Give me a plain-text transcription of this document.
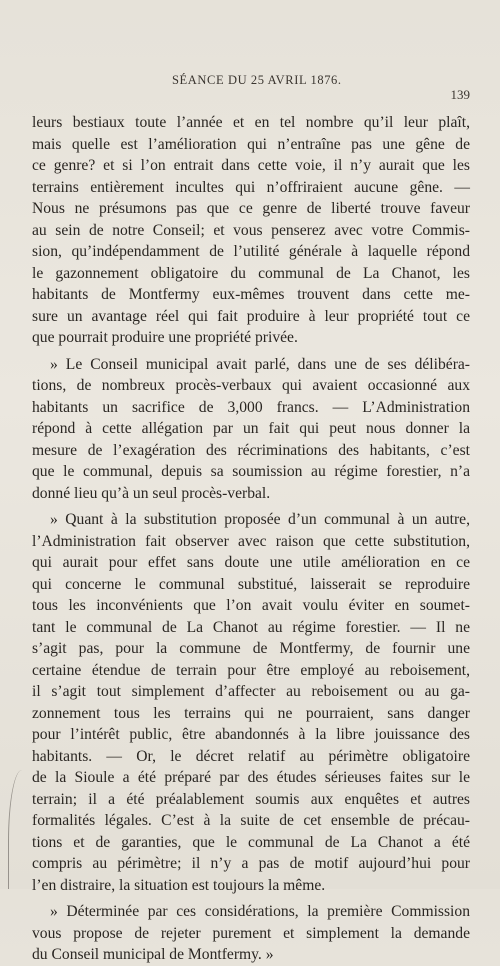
SÉANCE DU 25 AVRIL 1876.
139
leurs bestiaux toute l’année et en tel nombre qu’il leur plaît,
mais quelle est l’amélioration qui n’entraîne pas une gêne de
ce genre? et si l’on entrait dans cette voie, il n’y aurait que les
terrains entièrement incultes qui n’offriraient aucune gêne. —
Nous ne présumons pas que ce genre de liberté trouve faveur
au sein de notre Conseil; et vous penserez avec votre Commis-
sion, qu’indépendamment de l’utilité générale à laquelle répond
le gazonnement obligatoire du communal de La Chanot, les
habitants de Montfermy eux-mêmes trouvent dans cette me-
sure un avantage réel qui fait produire à leur propriété tout ce
que pourrait produire une propriété privée.
» Le Conseil municipal avait parlé, dans une de ses délibéra-
tions, de nombreux procès-verbaux qui avaient occasionné aux
habitants un sacrifice de 3,000 francs. — L’Administration
répond à cette allégation par un fait qui peut nous donner la
mesure de l’exagération des récriminations des habitants, c’est
que le communal, depuis sa soumission au régime forestier, n’a
donné lieu qu’à un seul procès-verbal.
» Quant à la substitution proposée d’un communal à un autre,
l’Administration fait observer avec raison que cette substitution,
qui aurait pour effet sans doute une utile amélioration en ce
qui concerne le communal substitué, laisserait se reproduire
tous les inconvénients que l’on avait voulu éviter en soumet-
tant le communal de La Chanot au régime forestier. — Il ne
s’agit pas, pour la commune de Montfermy, de fournir une
certaine étendue de terrain pour être employé au reboisement,
il s’agit tout simplement d’affecter au reboisement ou au ga-
zonnement tous les terrains qui ne pourraient, sans danger
pour l’intérêt public, être abandonnés à la libre jouissance des
habitants. — Or, le décret relatif au périmètre obligatoire
de la Sioule a été préparé par des études sérieuses faites sur le
terrain; il a été préalablement soumis aux enquêtes et autres
formalités légales. C’est à la suite de cet ensemble de précau-
tions et de garanties, que le communal de La Chanot a été
compris au périmètre; il n’y a pas de motif aujourd’hui pour
l’en distraire, la situation est toujours la même.
» Déterminée par ces considérations, la première Commission
vous propose de rejeter purement et simplement la demande
du Conseil municipal de Montfermy. »
